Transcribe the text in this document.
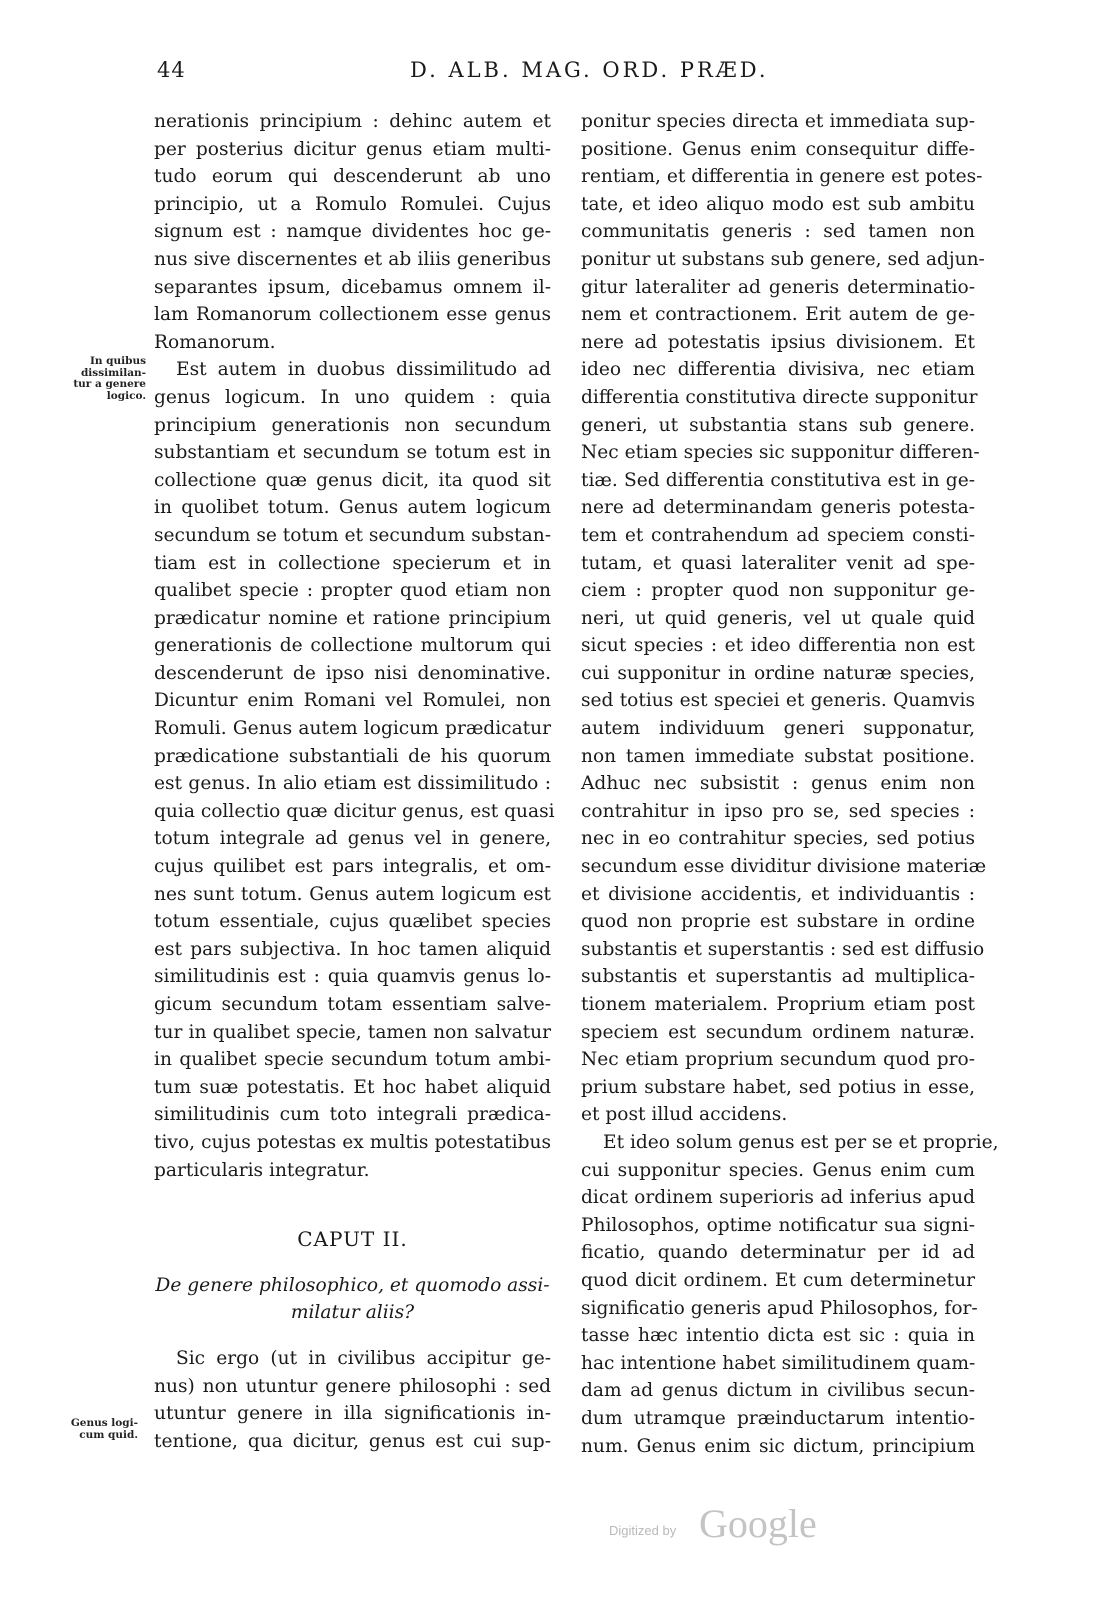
44	D. ALB. MAG. ORD. PRÆD.
In quibus
dissimilan-
tur a genere
logico.
Genus logi-
cum quid.
nerationis principium : dehinc autem et
per posterius dicitur genus etiam multi-
tudo eorum qui descenderunt ab uno
principio, ut a Romulo Romulei. Cujus
signum est : namque dividentes hoc ge-
nus sive discernentes et ab iliis generibus
separantes ipsum, dicebamus omnem il-
lam Romanorum collectionem esse genus
Romanorum.
Est autem in duobus dissimilitudo ad
genus logicum. In uno quidem : quia
principium generationis non secundum
substantiam et secundum se totum est in
collectione quæ genus dicit, ita quod sit
in quolibet totum. Genus autem logicum
secundum se totum et secundum substan-
tiam est in collectione specierum et in
qualibet specie : propter quod etiam non
prædicatur nomine et ratione principium
generationis de collectione multorum qui
descenderunt de ipso nisi denominative.
Dicuntur enim Romani vel Romulei, non
Romuli. Genus autem logicum prædicatur
prædicatione substantiali de his quorum
est genus. In alio etiam est dissimilitudo :
quia collectio quæ dicitur genus, est quasi
totum integrale ad genus vel in genere,
cujus quilibet est pars integralis, et om-
nes sunt totum. Genus autem logicum est
totum essentiale, cujus quælibet species
est pars subjectiva. In hoc tamen aliquid
similitudinis est : quia quamvis genus lo-
gicum secundum totam essentiam salve-
tur in qualibet specie, tamen non salvatur
in qualibet specie secundum totum ambi-
tum suæ potestatis. Et hoc habet aliquid
similitudinis cum toto integrali prædica-
tivo, cujus potestas ex multis potestatibus
particularis integratur.
CAPUT II.
De genere philosophico, et quomodo assi-
milatur aliis?
Sic ergo (ut in civilibus accipitur ge-
nus) non utuntur genere philosophi : sed
utuntur genere in illa significationis in-
tentione, qua dicitur, genus est cui sup-
ponitur species directa et immediata sup-
positione. Genus enim consequitur diffe-
rentiam, et differentia in genere est potes-
tate, et ideo aliquo modo est sub ambitu
communitatis generis : sed tamen non
ponitur ut substans sub genere, sed adjun-
gitur lateraliter ad generis determinatio-
nem et contractionem. Erit autem de ge-
nere ad potestatis ipsius divisionem. Et
ideo nec differentia divisiva, nec etiam
differentia constitutiva directe supponitur
generi, ut substantia stans sub genere.
Nec etiam species sic supponitur differen-
tiæ. Sed differentia constitutiva est in ge-
nere ad determinandam generis potesta-
tem et contrahendum ad speciem consti-
tutam, et quasi lateraliter venit ad spe-
ciem : propter quod non supponitur ge-
neri, ut quid generis, vel ut quale quid
sicut species : et ideo differentia non est
cui supponitur in ordine naturæ species,
sed totius est speciei et generis. Quamvis
autem individuum generi supponatur,
non tamen immediate substat positione.
Adhuc nec subsistit : genus enim non
contrahitur in ipso pro se, sed species :
nec in eo contrahitur species, sed potius
secundum esse dividitur divisione materiæ
et divisione accidentis, et individuantis :
quod non proprie est substare in ordine
substantis et superstantis : sed est diffusio
substantis et superstantis ad multiplica-
tionem materialem. Proprium etiam post
speciem est secundum ordinem naturæ.
Nec etiam proprium secundum quod pro-
prium substare habet, sed potius in esse,
et post illud accidens.
Et ideo solum genus est per se et proprie,
cui supponitur species. Genus enim cum
dicat ordinem superioris ad inferius apud
Philosophos, optime notificatur sua signi-
ficatio, quando determinatur per id ad
quod dicit ordinem. Et cum determinetur
significatio generis apud Philosophos, for-
tasse hæc intentio dicta est sic : quia in
hac intentione habet similitudinem quam-
dam ad genus dictum in civilibus secun-
dum utramque præinductarum intentio-
num. Genus enim sic dictum, principium
Digitized by Google
